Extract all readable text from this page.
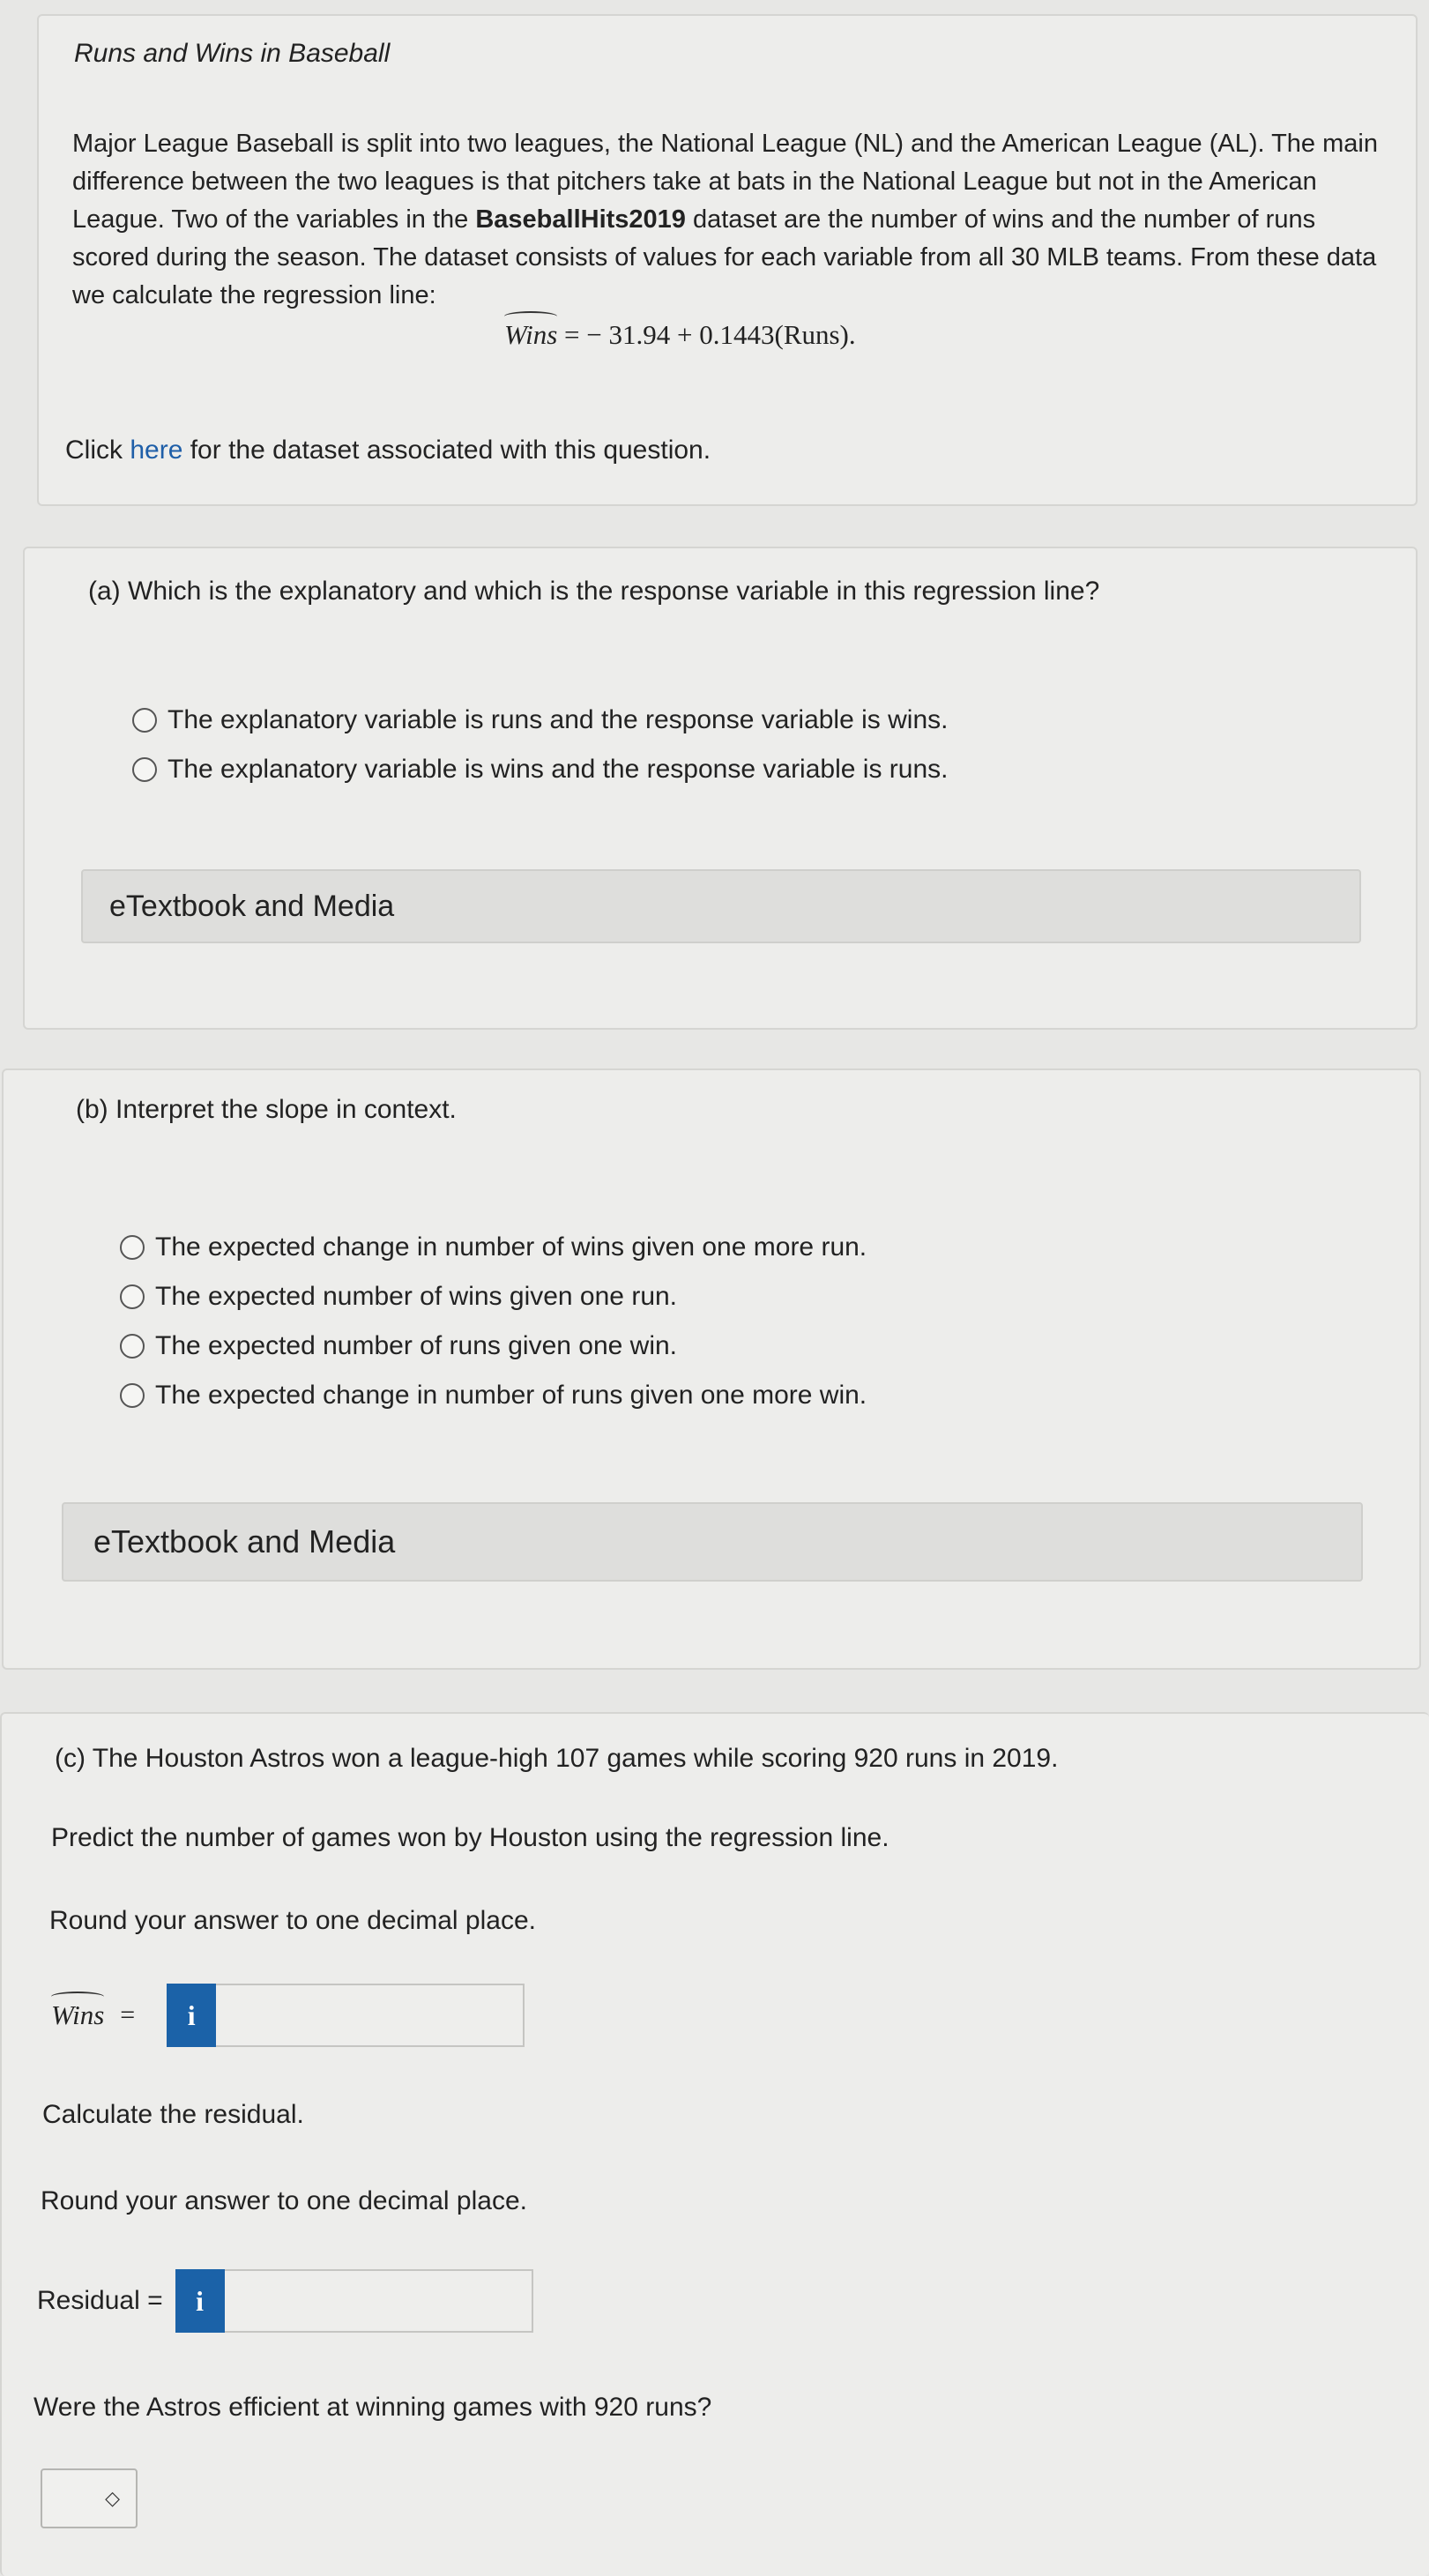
Runs and Wins in Baseball
Major League Baseball is split into two leagues, the National League (NL) and the American League (AL). The main difference between the two leagues is that pitchers take at bats in the National League but not in the American League. Two of the variables in the BaseballHits2019 dataset are the number of wins and the number of runs scored during the season. The dataset consists of values for each variable from all 30 MLB teams. From these data we calculate the regression line:
Wins = − 31.94 + 0.1443(Runs).
Click here for the dataset associated with this question.
(a) Which is the explanatory and which is the response variable in this regression line?
The explanatory variable is runs and the response variable is wins.
The explanatory variable is wins and the response variable is runs.
eTextbook and Media
(b) Interpret the slope in context.
The expected change in number of wins given one more run.
The expected number of wins given one run.
The expected number of runs given one win.
The expected change in number of runs given one more win.
eTextbook and Media
(c) The Houston Astros won a league-high 107 games while scoring 920 runs in 2019.
Predict the number of games won by Houston using the regression line.
Round your answer to one decimal place.
Wins =	i
Calculate the residual.
Round your answer to one decimal place.
Residual =	i
Were the Astros efficient at winning games with 920 runs?
◇
